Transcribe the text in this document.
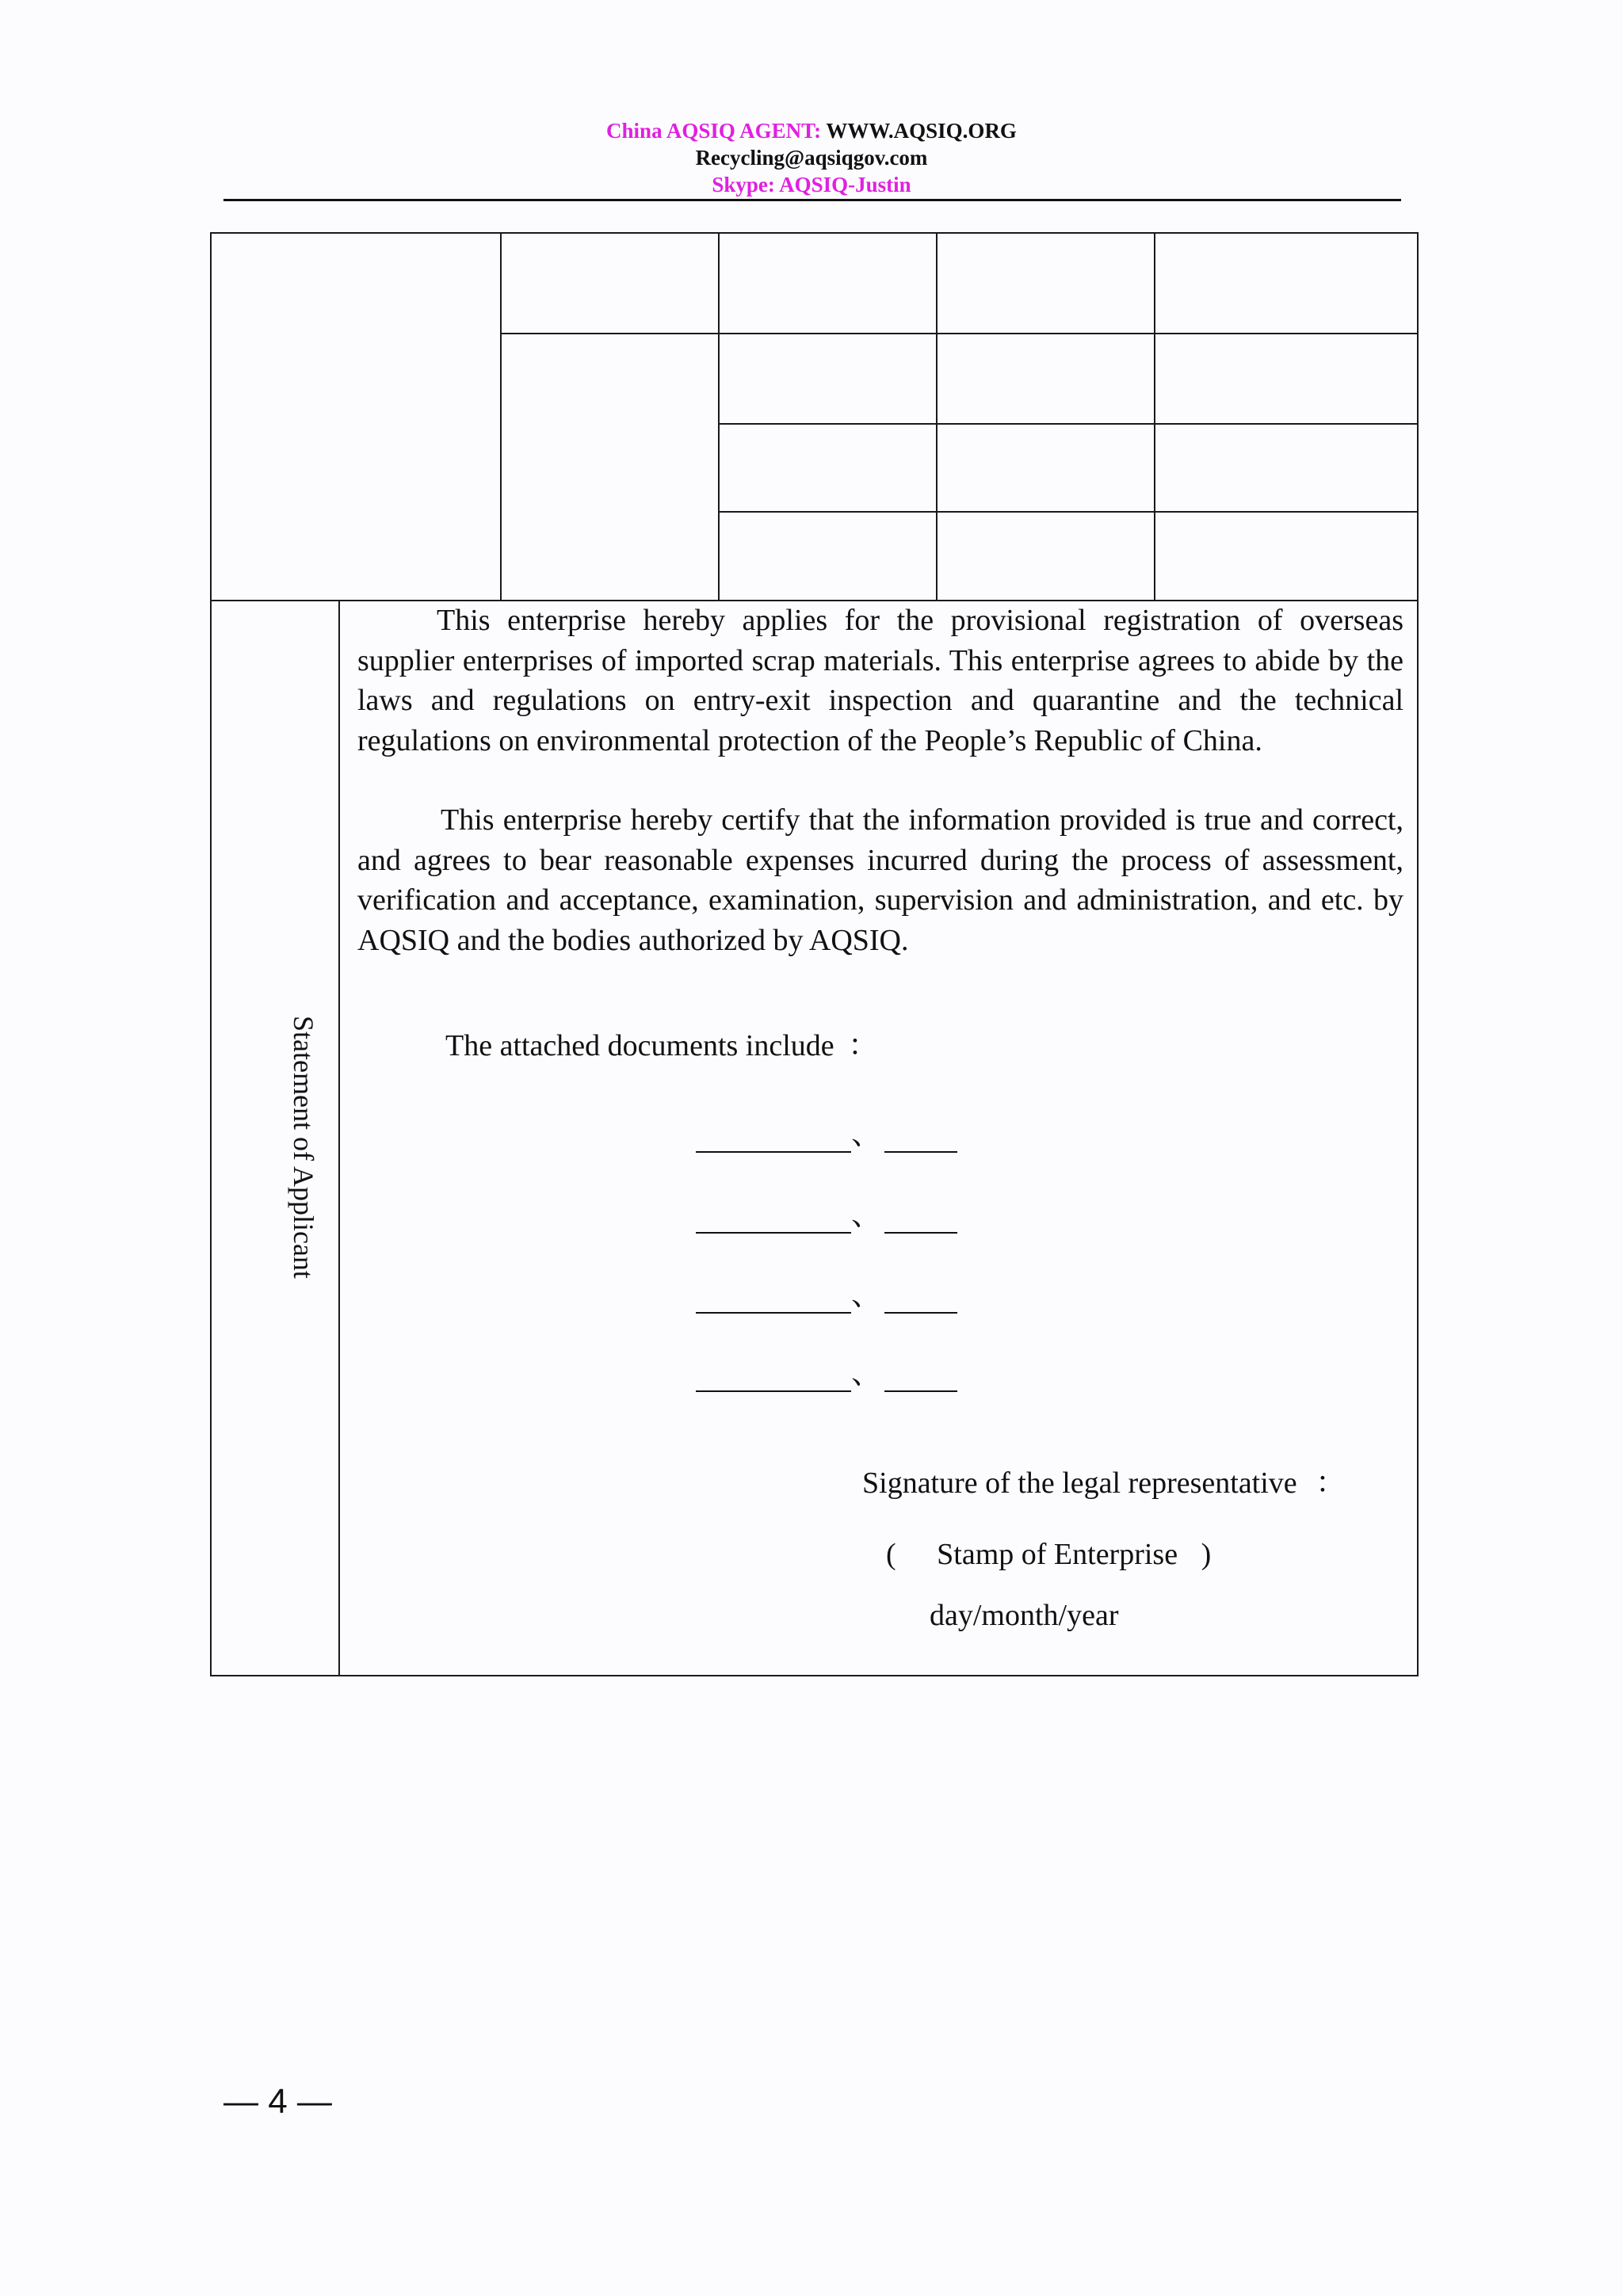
China AQSIQ AGENT: WWW.AQSIQ.ORG
Recycling@aqsiqgov.com
Skype: AQSIQ-Justin
Statement of Applicant
This enterprise hereby applies for the provisional registration of overseas supplier enterprises of imported scrap materials. This enterprise agrees to abide by the laws and regulations on entry-exit inspection and quarantine and the technical regulations on environmental protection of the People’s Republic of China.
This enterprise hereby certify that the information provided is true and correct, and agrees to bear reasonable expenses incurred during the process of assessment, verification and acceptance, examination, supervision and administration, and etc. by AQSIQ and the bodies authorized by AQSIQ.
The attached documents include ：
、
、
、
、
Signature of the legal representative ：
( Stamp of Enterprise )
day/month/year
— 4 —
